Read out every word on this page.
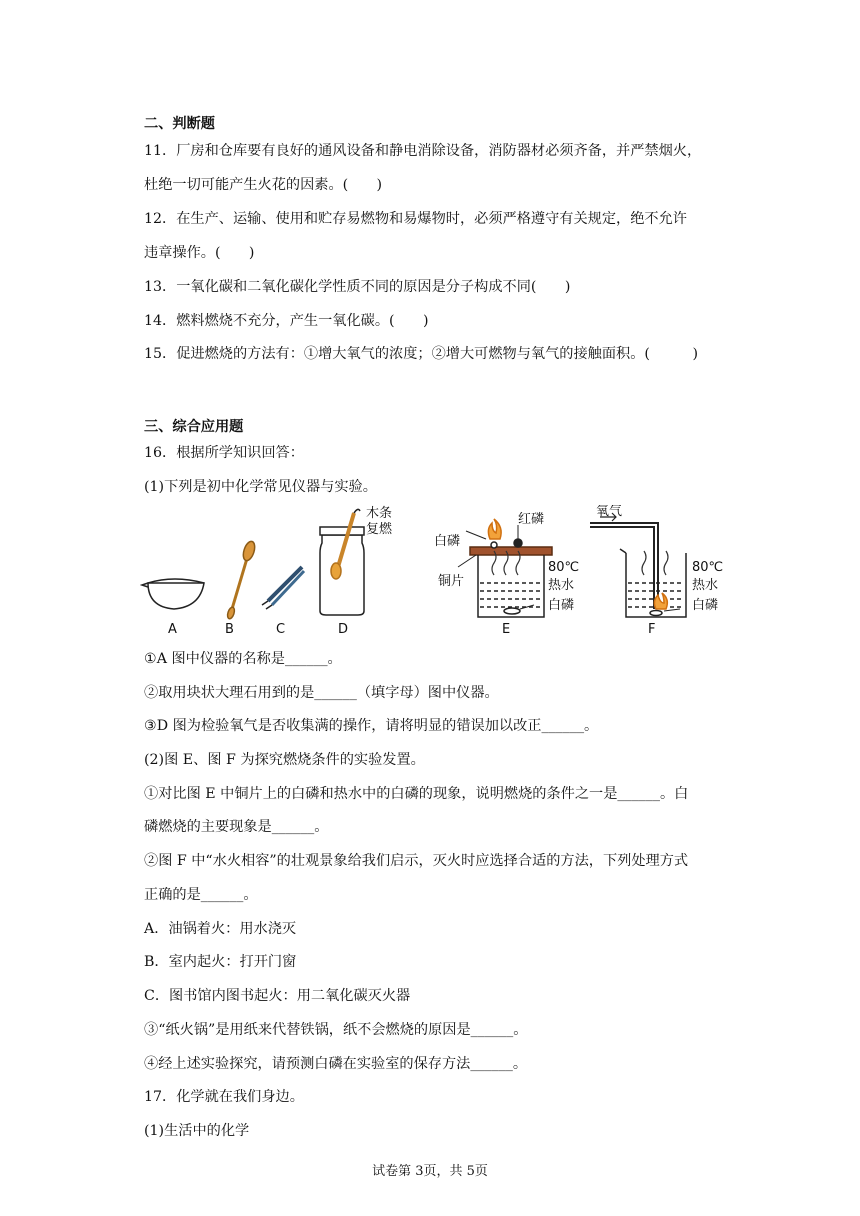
二、判断题
11．厂房和仓库要有良好的通风设备和静电消除设备，消防器材必须齐备，并严禁烟火，
杜绝一切可能产生火花的因素。(　　)
12．在生产、运输、使用和贮存易燃物和易爆物时，必须严格遵守有关规定，绝不允许
违章操作。(　　)
13．一氧化碳和二氧化碳化学性质不同的原因是分子构成不同(　　)
14．燃料燃烧不充分，产生一氧化碳。(　　)
15．促进燃烧的方法有：①增大氧气的浓度；②增大可燃物与氧气的接触面积。(　　　)
三、综合应用题
16．根据所学知识回答：
(1)下列是初中化学常见仪器与实验。
A	B	C
木条
复燃
D
红磷
白磷
铜片
80℃
热水
白磷
E
氧气
80℃
热水
白磷
F
①A 图中仪器的名称是______。
②取用块状大理石用到的是______（填字母）图中仪器。
③D 图为检验氧气是否收集满的操作，请将明显的错误加以改正______。
(2)图 E、图 F 为探究燃烧条件的实验发置。
①对比图 E 中铜片上的白磷和热水中的白磷的现象，说明燃烧的条件之一是______。白
磷燃烧的主要现象是______。
②图 F 中“水火相容”的壮观景象给我们启示，灭火时应选择合适的方法，下列处理方式
正确的是______。
A．油锅着火：用水浇灭
B．室内起火：打开门窗
C．图书馆内图书起火：用二氧化碳灭火器
③“纸火锅”是用纸来代替铁锅，纸不会燃烧的原因是______。
④经上述实验探究，请预测白磷在实验室的保存方法______。
17．化学就在我们身边。
(1)生活中的化学
试卷第 3页，共 5页
